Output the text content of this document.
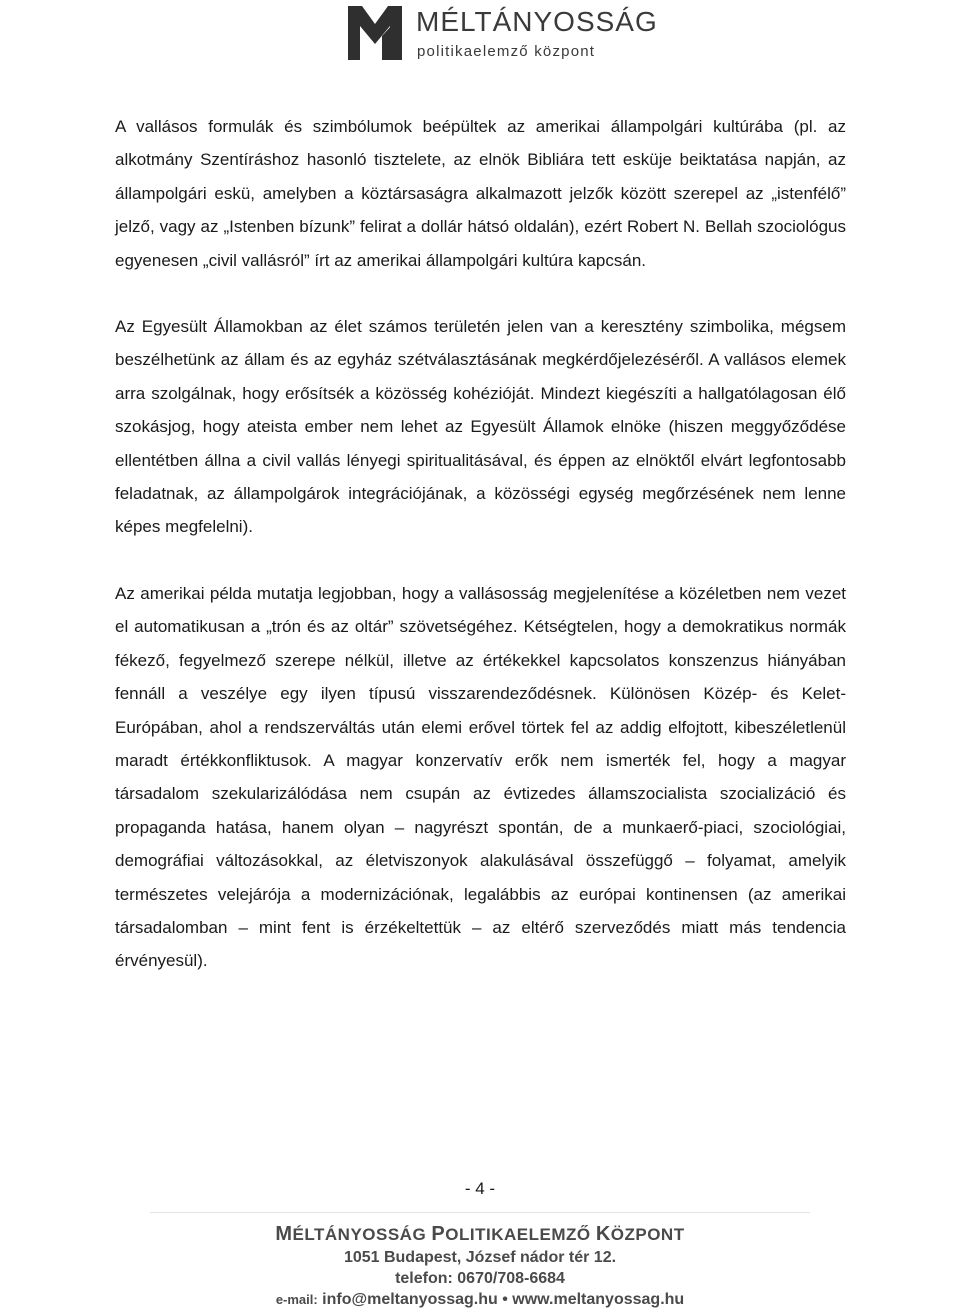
MÉLTÁNYOSSÁG
politikaelemző központ

A vallásos formulák és szimbólumok beépültek az amerikai állampolgári kultúrába (pl. az alkotmány Szentíráshoz hasonló tisztelete, az elnök Bibliára tett esküje beiktatása napján, az állampolgári eskü, amelyben a köztársaságra alkalmazott jelzők között szerepel az „istenfélő” jelző, vagy az „Istenben bízunk” felirat a dollár hátsó oldalán), ezért Robert N. Bellah szociológus egyenesen „civil vallásról” írt az amerikai állampolgári kultúra kapcsán.

Az Egyesült Államokban az élet számos területén jelen van a keresztény szimbolika, mégsem beszélhetünk az állam és az egyház szétválasztásának megkérdőjelezéséről. A vallásos elemek arra szolgálnak, hogy erősítsék a közösség kohézióját. Mindezt kiegészíti a hallgatólagosan élő szokásjog, hogy ateista ember nem lehet az Egyesült Államok elnöke (hiszen meggyőződése ellentétben állna a civil vallás lényegi spiritualitásával, és éppen az elnöktől elvárt legfontosabb feladatnak, az állampolgárok integrációjának, a közösségi egység megőrzésének nem lenne képes megfelelni).

Az amerikai példa mutatja legjobban, hogy a vallásosság megjelenítése a közéletben nem vezet el automatikusan a „trón és az oltár” szövetségéhez. Kétségtelen, hogy a demokratikus normák fékező, fegyelmező szerepe nélkül, illetve az értékekkel kapcsolatos konszenzus hiányában fennáll a veszélye egy ilyen típusú visszarendeződésnek. Különösen Közép- és Kelet-Európában, ahol a rendszerváltás után elemi erővel törtek fel az addig elfojtott, kibeszéletlenül maradt értékkonfliktusok. A magyar konzervatív erők nem ismerték fel, hogy a magyar társadalom szekularizálódása nem csupán az évtizedes államszocialista szocializáció és propaganda hatása, hanem olyan – nagyrészt spontán, de a munkaerő-piaci, szociológiai, demográfiai változásokkal, az életviszonyok alakulásával összefüggő – folyamat, amelyik természetes velejárója a modernizációnak, legalábbis az európai kontinensen (az amerikai társadalomban – mint fent is érzékeltettük – az eltérő szerveződés miatt más tendencia érvényesül).

- 4 -
MÉLTÁNYOSSÁG POLITIKAELEMZŐ KÖZPONT
1051 Budapest, József nádor tér 12.
telefon: 0670/708-6684
e-mail: info@meltanyossag.hu • www.meltanyossag.hu
